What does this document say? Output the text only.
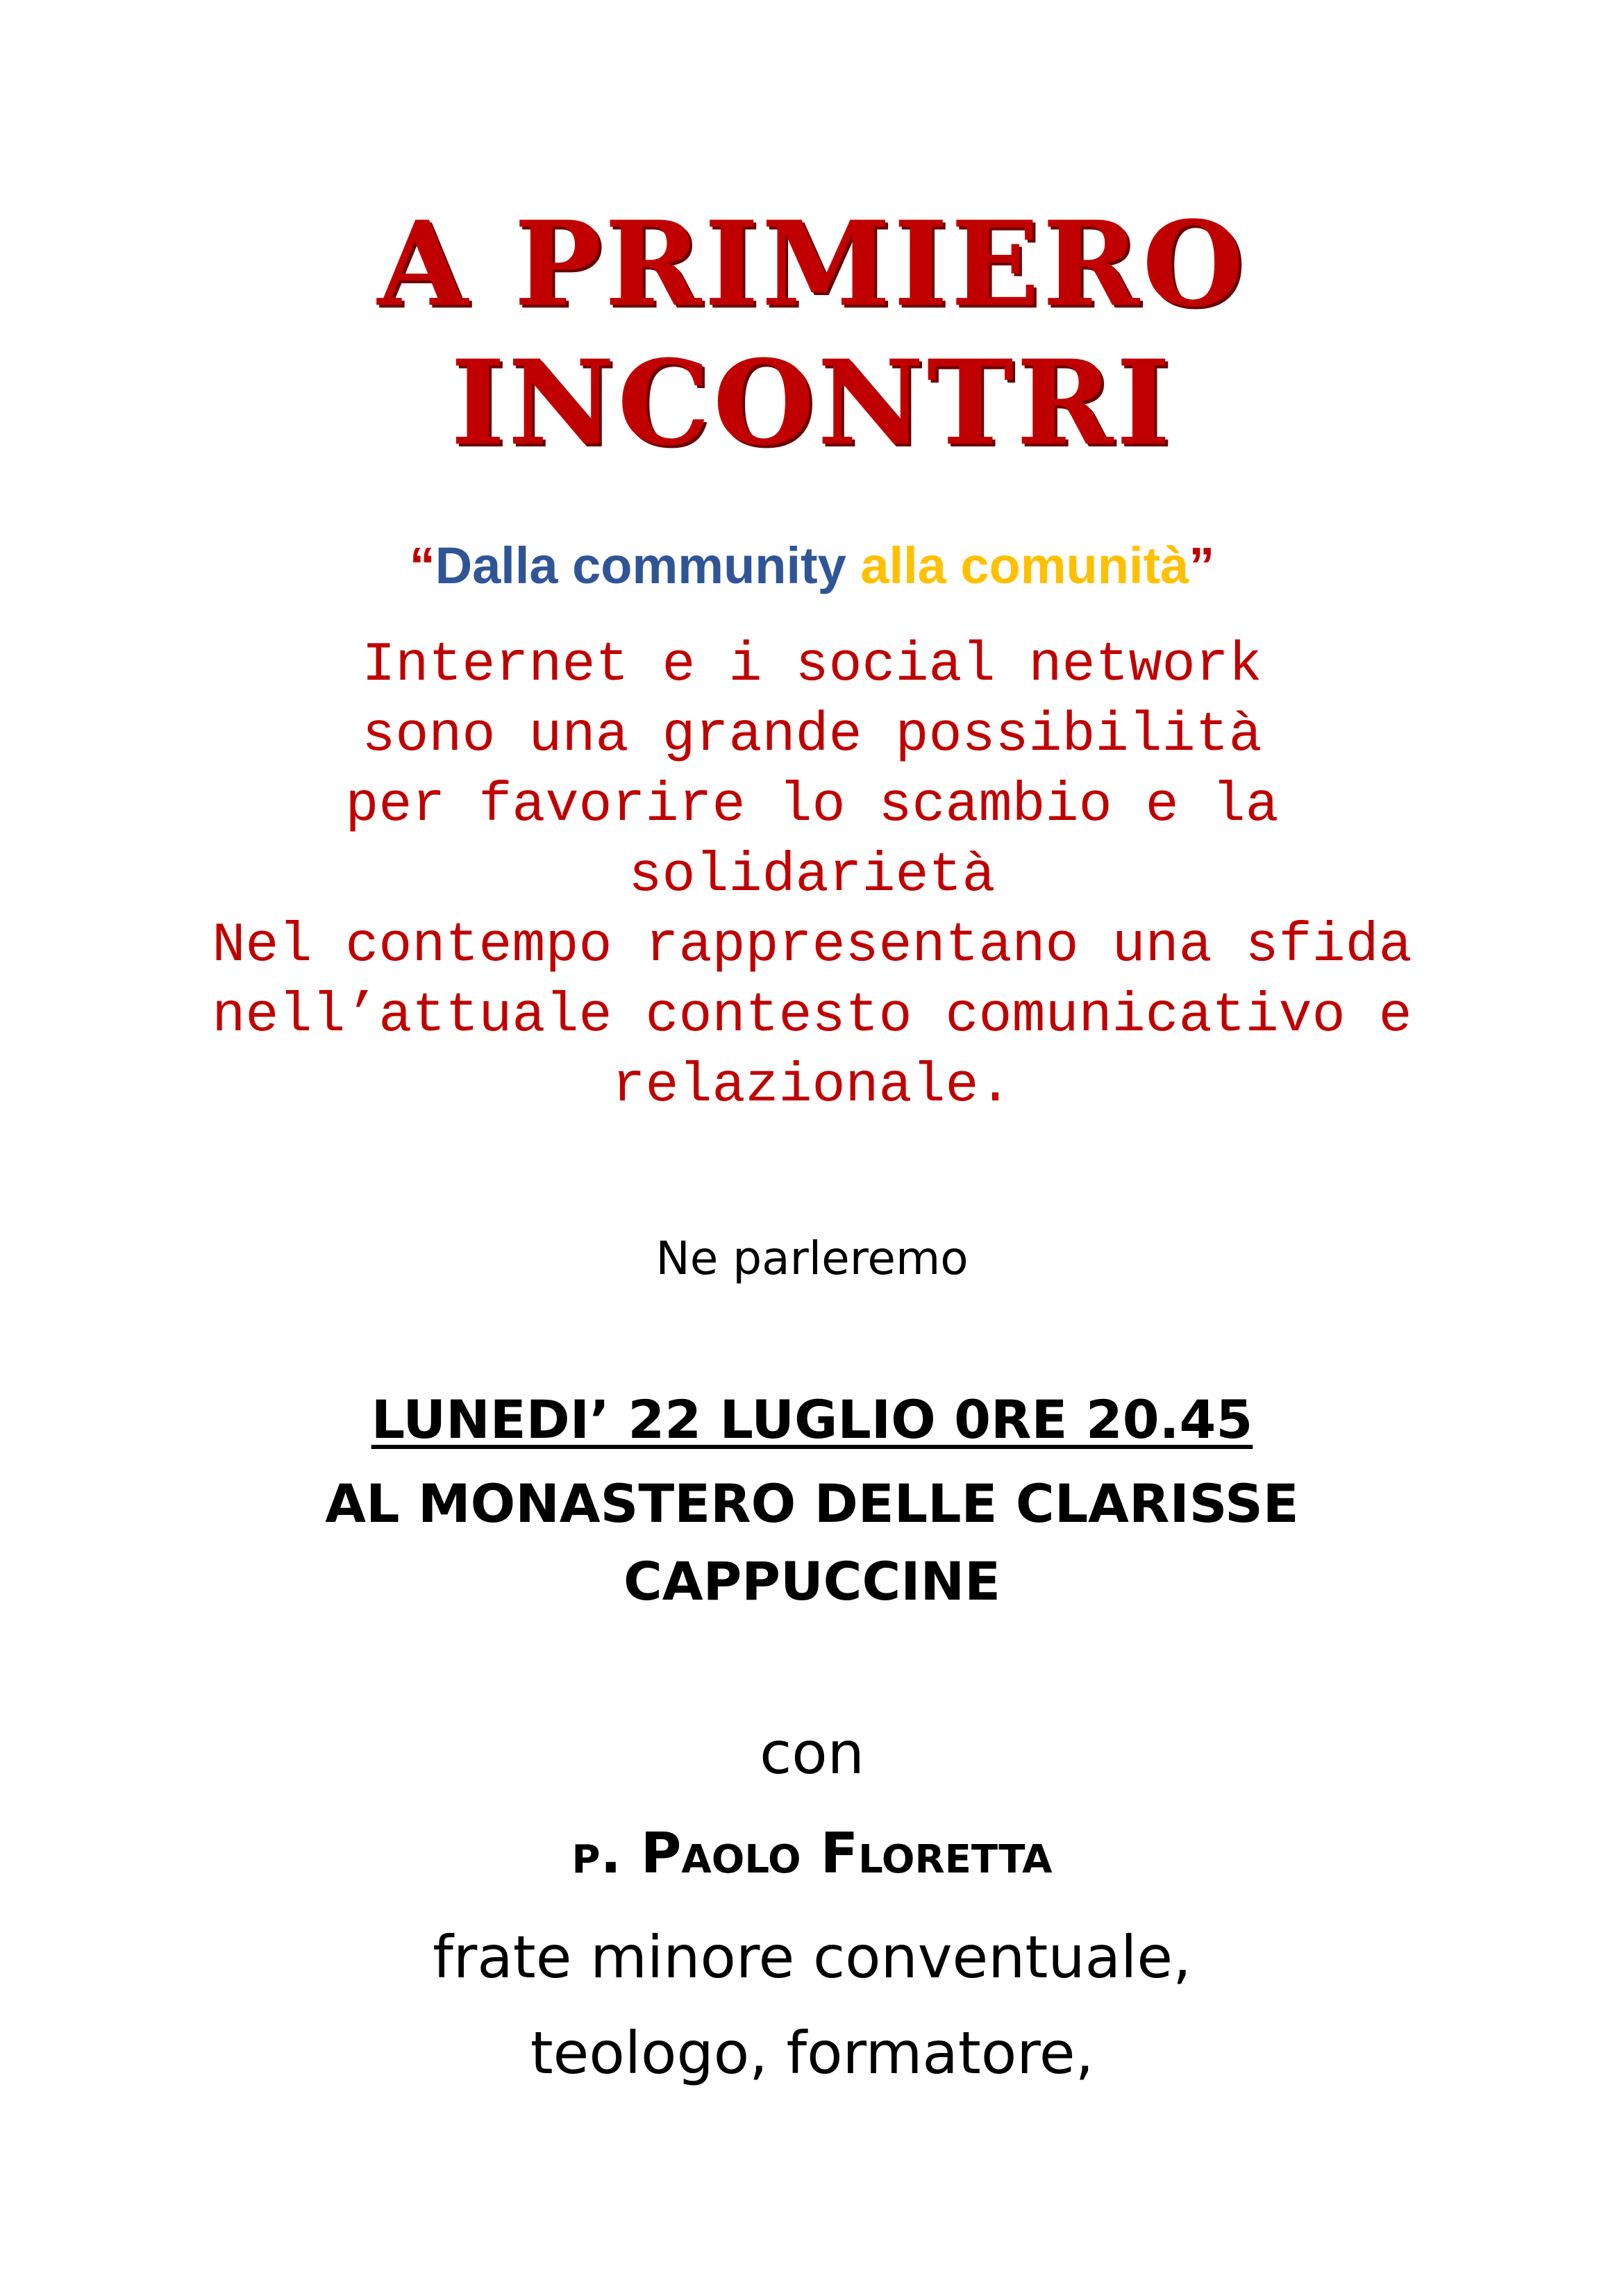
A PRIMIERO INCONTRI
“Dalla community alla comunità”
Internet e i social network
sono una grande possibilità
per favorire lo scambio e la
solidarietà
Nel contempo rappresentano una sfida
nell’attuale contesto comunicativo e
relazionale.
Ne parleremo
LUNEDI’ 22 LUGLIO 0RE 20.45
AL MONASTERO DELLE CLARISSE
CAPPUCCINE
con
p. Paolo Floretta
frate minore conventuale,
teologo, formatore,
